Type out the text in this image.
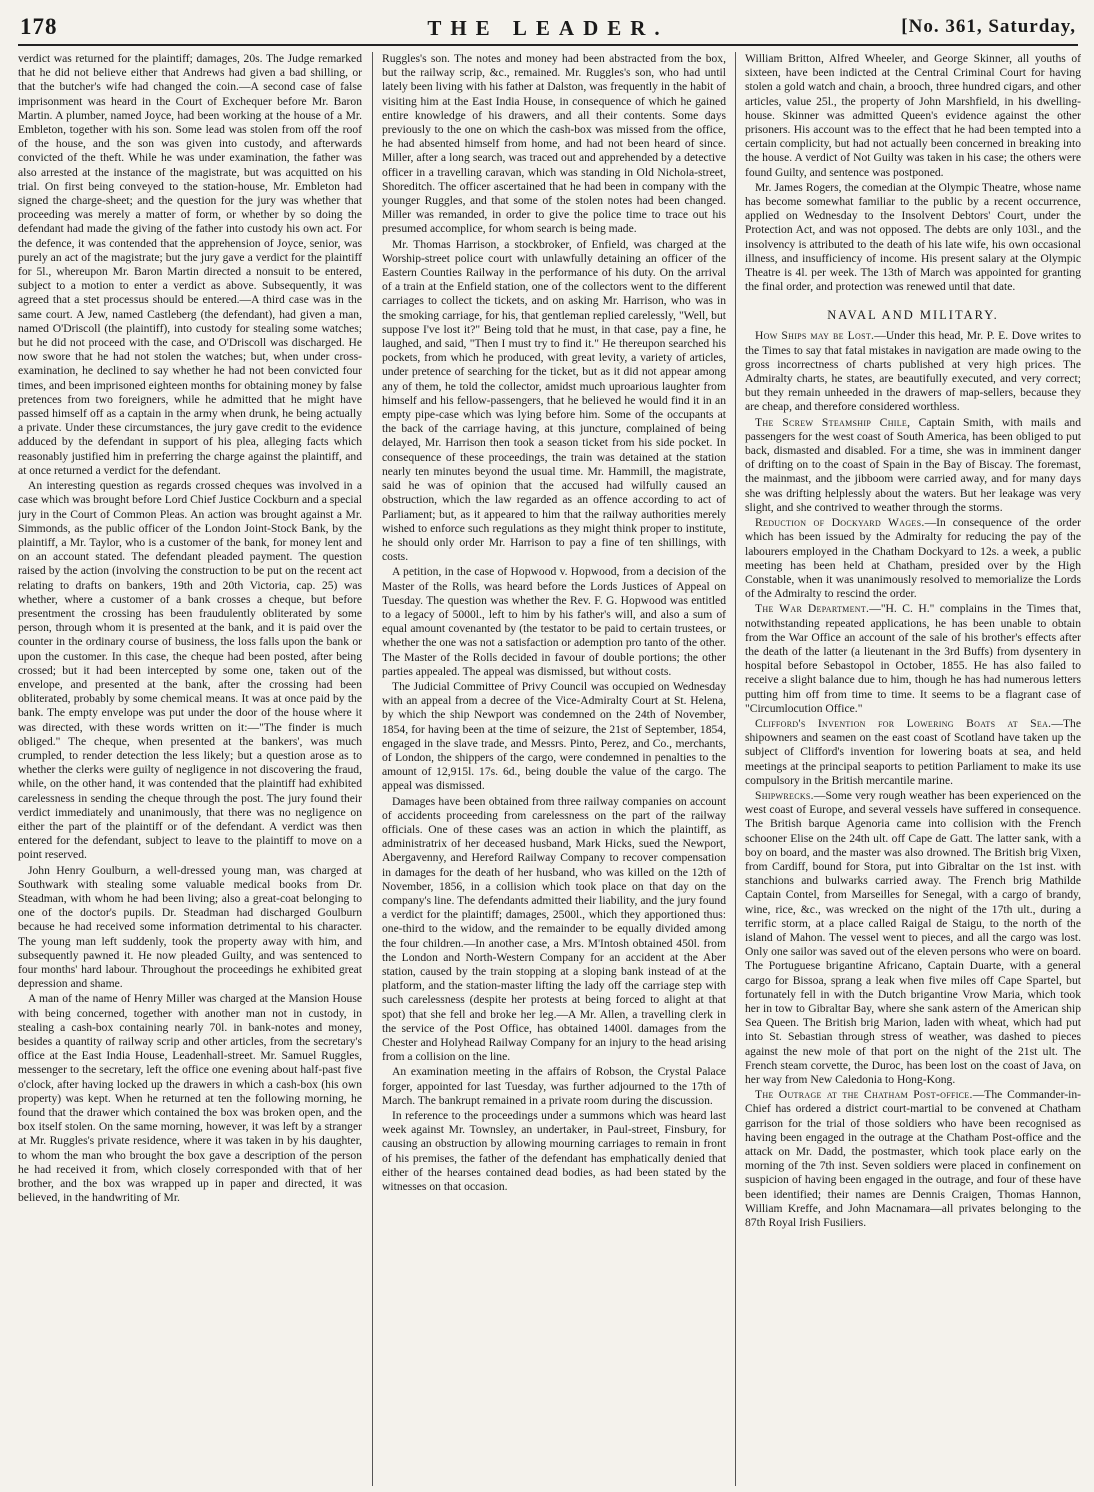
178	THE LEADER.	[No. 361, Saturday,

verdict was returned for the plaintiff; damages, 20s. The Judge remarked that he did not believe either that Andrews had given a bad shilling, or that the butcher's wife had changed the coin.—A second case of false imprisonment was heard in the Court of Exchequer before Mr. Baron Martin. A plumber, named Joyce, had been working at the house of a Mr. Embleton, together with his son. Some lead was stolen from off the roof of the house, and the son was given into custody, and afterwards convicted of the theft. While he was under examination, the father was also arrested at the instance of the magistrate, but was acquitted on his trial. On first being conveyed to the station-house, Mr. Embleton had signed the charge-sheet; and the question for the jury was whether that proceeding was merely a matter of form, or whether by so doing the defendant had made the giving of the father into custody his own act. For the defence, it was contended that the apprehension of Joyce, senior, was purely an act of the magistrate; but the jury gave a verdict for the plaintiff for 5l., whereupon Mr. Baron Martin directed a nonsuit to be entered, subject to a motion to enter a verdict as above. Subsequently, it was agreed that a stet processus should be entered.—A third case was in the same court. A Jew, named Castleberg (the defendant), had given a man, named O'Driscoll (the plaintiff), into custody for stealing some watches; but he did not proceed with the case, and O'Driscoll was discharged. He now swore that he had not stolen the watches; but, when under cross-examination, he declined to say whether he had not been convicted four times, and been imprisoned eighteen months for obtaining money by false pretences from two foreigners, while he admitted that he might have passed himself off as a captain in the army when drunk, he being actually a private. Under these circumstances, the jury gave credit to the evidence adduced by the defendant in support of his plea, alleging facts which reasonably justified him in preferring the charge against the plaintiff, and at once returned a verdict for the defendant.

An interesting question as regards crossed cheques was involved in a case which was brought before Lord Chief Justice Cockburn and a special jury in the Court of Common Pleas. An action was brought against a Mr. Simmonds, as the public officer of the London Joint-Stock Bank, by the plaintiff, a Mr. Taylor, who is a customer of the bank, for money lent and on an account stated. The defendant pleaded payment. The question raised by the action (involving the construction to be put on the recent act relating to drafts on bankers, 19th and 20th Victoria, cap. 25) was whether, where a customer of a bank crosses a cheque, but before presentment the crossing has been fraudulently obliterated by some person, through whom it is presented at the bank, and it is paid over the counter in the ordinary course of business, the loss falls upon the bank or upon the customer. In this case, the cheque had been posted, after being crossed; but it had been intercepted by some one, taken out of the envelope, and presented at the bank, after the crossing had been obliterated, probably by some chemical means. It was at once paid by the bank. The empty envelope was put under the door of the house where it was directed, with these words written on it:—"The finder is much obliged." The cheque, when presented at the bankers', was much crumpled, to render detection the less likely; but a question arose as to whether the clerks were guilty of negligence in not discovering the fraud, while, on the other hand, it was contended that the plaintiff had exhibited carelessness in sending the cheque through the post. The jury found their verdict immediately and unanimously, that there was no negligence on either the part of the plaintiff or of the defendant. A verdict was then entered for the defendant, subject to leave to the plaintiff to move on a point reserved.

John Henry Goulburn, a well-dressed young man, was charged at Southwark with stealing some valuable medical books from Dr. Steadman, with whom he had been living; also a great-coat belonging to one of the doctor's pupils. Dr. Steadman had discharged Goulburn because he had received some information detrimental to his character. The young man left suddenly, took the property away with him, and subsequently pawned it. He now pleaded Guilty, and was sentenced to four months' hard labour. Throughout the proceedings he exhibited great depression and shame.

A man of the name of Henry Miller was charged at the Mansion House with being concerned, together with another man not in custody, in stealing a cash-box containing nearly 70l. in bank-notes and money, besides a quantity of railway scrip and other articles, from the secretary's office at the East India House, Leadenhall-street. Mr. Samuel Ruggles, messenger to the secretary, left the office one evening about half-past five o'clock, after having locked up the drawers in which a cash-box (his own property) was kept. When he returned at ten the following morning, he found that the drawer which contained the box was broken open, and the box itself stolen. On the same morning, however, it was left by a stranger at Mr. Ruggles's private residence, where it was taken in by his daughter, to whom the man who brought the box gave a description of the person he had received it from, which closely corresponded with that of her brother, and the box was wrapped up in paper and directed, it was believed, in the handwriting of Mr.

Ruggles's son. The notes and money had been abstracted from the box, but the railway scrip, &c., remained. Mr. Ruggles's son, who had until lately been living with his father at Dalston, was frequently in the habit of visiting him at the East India House, in consequence of which he gained entire knowledge of his drawers, and all their contents. Some days previously to the one on which the cash-box was missed from the office, he had absented himself from home, and had not been heard of since. Miller, after a long search, was traced out and apprehended by a detective officer in a travelling caravan, which was standing in Old Nichola-street, Shoreditch. The officer ascertained that he had been in company with the younger Ruggles, and that some of the stolen notes had been changed. Miller was remanded, in order to give the police time to trace out his presumed accomplice, for whom search is being made.

Mr. Thomas Harrison, a stockbroker, of Enfield, was charged at the Worship-street police court with unlawfully detaining an officer of the Eastern Counties Railway in the performance of his duty. On the arrival of a train at the Enfield station, one of the collectors went to the different carriages to collect the tickets, and on asking Mr. Harrison, who was in the smoking carriage, for his, that gentleman replied carelessly, "Well, but suppose I've lost it?" Being told that he must, in that case, pay a fine, he laughed, and said, "Then I must try to find it." He thereupon searched his pockets, from which he produced, with great levity, a variety of articles, under pretence of searching for the ticket, but as it did not appear among any of them, he told the collector, amidst much uproarious laughter from himself and his fellow-passengers, that he believed he would find it in an empty pipe-case which was lying before him. Some of the occupants at the back of the carriage having, at this juncture, complained of being delayed, Mr. Harrison then took a season ticket from his side pocket. In consequence of these proceedings, the train was detained at the station nearly ten minutes beyond the usual time. Mr. Hammill, the magistrate, said he was of opinion that the accused had wilfully caused an obstruction, which the law regarded as an offence according to act of Parliament; but, as it appeared to him that the railway authorities merely wished to enforce such regulations as they might think proper to institute, he should only order Mr. Harrison to pay a fine of ten shillings, with costs.

A petition, in the case of Hopwood v. Hopwood, from a decision of the Master of the Rolls, was heard before the Lords Justices of Appeal on Tuesday. The question was whether the Rev. F. G. Hopwood was entitled to a legacy of 5000l., left to him by his father's will, and also a sum of equal amount covenanted by (the testator to be paid to certain trustees, or whether the one was not a satisfaction or ademption pro tanto of the other. The Master of the Rolls decided in favour of double portions; the other parties appealed. The appeal was dismissed, but without costs.

The Judicial Committee of Privy Council was occupied on Wednesday with an appeal from a decree of the Vice-Admiralty Court at St. Helena, by which the ship Newport was condemned on the 24th of November, 1854, for having been at the time of seizure, the 21st of September, 1854, engaged in the slave trade, and Messrs. Pinto, Perez, and Co., merchants, of London, the shippers of the cargo, were condemned in penalties to the amount of 12,915l. 17s. 6d., being double the value of the cargo. The appeal was dismissed.

Damages have been obtained from three railway companies on account of accidents proceeding from carelessness on the part of the railway officials. One of these cases was an action in which the plaintiff, as administratrix of her deceased husband, Mark Hicks, sued the Newport, Abergavenny, and Hereford Railway Company to recover compensation in damages for the death of her husband, who was killed on the 12th of November, 1856, in a collision which took place on that day on the company's line. The defendants admitted their liability, and the jury found a verdict for the plaintiff; damages, 2500l., which they apportioned thus: one-third to the widow, and the remainder to be equally divided among the four children.—In another case, a Mrs. M'Intosh obtained 450l. from the London and North-Western Company for an accident at the Aber station, caused by the train stopping at a sloping bank instead of at the platform, and the station-master lifting the lady off the carriage step with such carelessness (despite her protests at being forced to alight at that spot) that she fell and broke her leg.—A Mr. Allen, a travelling clerk in the service of the Post Office, has obtained 1400l. damages from the Chester and Holyhead Railway Company for an injury to the head arising from a collision on the line.

An examination meeting in the affairs of Robson, the Crystal Palace forger, appointed for last Tuesday, was further adjourned to the 17th of March. The bankrupt remained in a private room during the discussion.

In reference to the proceedings under a summons which was heard last week against Mr. Townsley, an undertaker, in Paul-street, Finsbury, for causing an obstruction by allowing mourning carriages to remain in front of his premises, the father of the defendant has emphatically denied that either of the hearses contained dead bodies, as had been stated by the witnesses on that occasion.

William Britton, Alfred Wheeler, and George Skinner, all youths of sixteen, have been indicted at the Central Criminal Court for having stolen a gold watch and chain, a brooch, three hundred cigars, and other articles, value 25l., the property of John Marshfield, in his dwelling-house. Skinner was admitted Queen's evidence against the other prisoners. His account was to the effect that he had been tempted into a certain complicity, but had not actually been concerned in breaking into the house. A verdict of Not Guilty was taken in his case; the others were found Guilty, and sentence was postponed.

Mr. James Rogers, the comedian at the Olympic Theatre, whose name has become somewhat familiar to the public by a recent occurrence, applied on Wednesday to the Insolvent Debtors' Court, under the Protection Act, and was not opposed. The debts are only 103l., and the insolvency is attributed to the death of his late wife, his own occasional illness, and insufficiency of income. His present salary at the Olympic Theatre is 4l. per week. The 13th of March was appointed for granting the final order, and protection was renewed until that date.

NAVAL AND MILITARY.

How Ships may be Lost.—Under this head, Mr. P. E. Dove writes to the Times to say that fatal mistakes in navigation are made owing to the gross incorrectness of charts published at very high prices. The Admiralty charts, he states, are beautifully executed, and very correct; but they remain unheeded in the drawers of map-sellers, because they are cheap, and therefore considered worthless.

The Screw Steamship Chile, Captain Smith, with mails and passengers for the west coast of South America, has been obliged to put back, dismasted and disabled. For a time, she was in imminent danger of drifting on to the coast of Spain in the Bay of Biscay. The foremast, the mainmast, and the jibboom were carried away, and for many days she was drifting helplessly about the waters. But her leakage was very slight, and she contrived to weather through the storms.

Reduction of Dockyard Wages.—In consequence of the order which has been issued by the Admiralty for reducing the pay of the labourers employed in the Chatham Dockyard to 12s. a week, a public meeting has been held at Chatham, presided over by the High Constable, when it was unanimously resolved to memorialize the Lords of the Admiralty to rescind the order.

The War Department.—"H. C. H." complains in the Times that, notwithstanding repeated applications, he has been unable to obtain from the War Office an account of the sale of his brother's effects after the death of the latter (a lieutenant in the 3rd Buffs) from dysentery in hospital before Sebastopol in October, 1855. He has also failed to receive a slight balance due to him, though he has had numerous letters putting him off from time to time. It seems to be a flagrant case of "Circumlocution Office."

Clifford's Invention for Lowering Boats at Sea.—The shipowners and seamen on the east coast of Scotland have taken up the subject of Clifford's invention for lowering boats at sea, and held meetings at the principal seaports to petition Parliament to make its use compulsory in the British mercantile marine.

Shipwrecks.—Some very rough weather has been experienced on the west coast of Europe, and several vessels have suffered in consequence. The British barque Agenoria came into collision with the French schooner Elise on the 24th ult. off Cape de Gatt. The latter sank, with a boy on board, and the master was also drowned. The British brig Vixen, from Cardiff, bound for Stora, put into Gibraltar on the 1st inst. with stanchions and bulwarks carried away. The French brig Mathilde Captain Contel, from Marseilles for Senegal, with a cargo of brandy, wine, rice, &c., was wrecked on the night of the 17th ult., during a terrific storm, at a place called Raigal de Staigu, to the north of the island of Mahon. The vessel went to pieces, and all the cargo was lost. Only one sailor was saved out of the eleven persons who were on board. The Portuguese brigantine Africano, Captain Duarte, with a general cargo for Bissoa, sprang a leak when five miles off Cape Spartel, but fortunately fell in with the Dutch brigantine Vrow Maria, which took her in tow to Gibraltar Bay, where she sank astern of the American ship Sea Queen. The British brig Marion, laden with wheat, which had put into St. Sebastian through stress of weather, was dashed to pieces against the new mole of that port on the night of the 21st ult. The French steam corvette, the Duroc, has been lost on the coast of Java, on her way from New Caledonia to Hong-Kong.

The Outrage at the Chatham Post-office.—The Commander-in-Chief has ordered a district court-martial to be convened at Chatham garrison for the trial of those soldiers who have been recognised as having been engaged in the outrage at the Chatham Post-office and the attack on Mr. Dadd, the postmaster, which took place early on the morning of the 7th inst. Seven soldiers were placed in confinement on suspicion of having been engaged in the outrage, and four of these have been identified; their names are Dennis Craigen, Thomas Hannon, William Kreffe, and John Macnamara—all privates belonging to the 87th Royal Irish Fusiliers.
